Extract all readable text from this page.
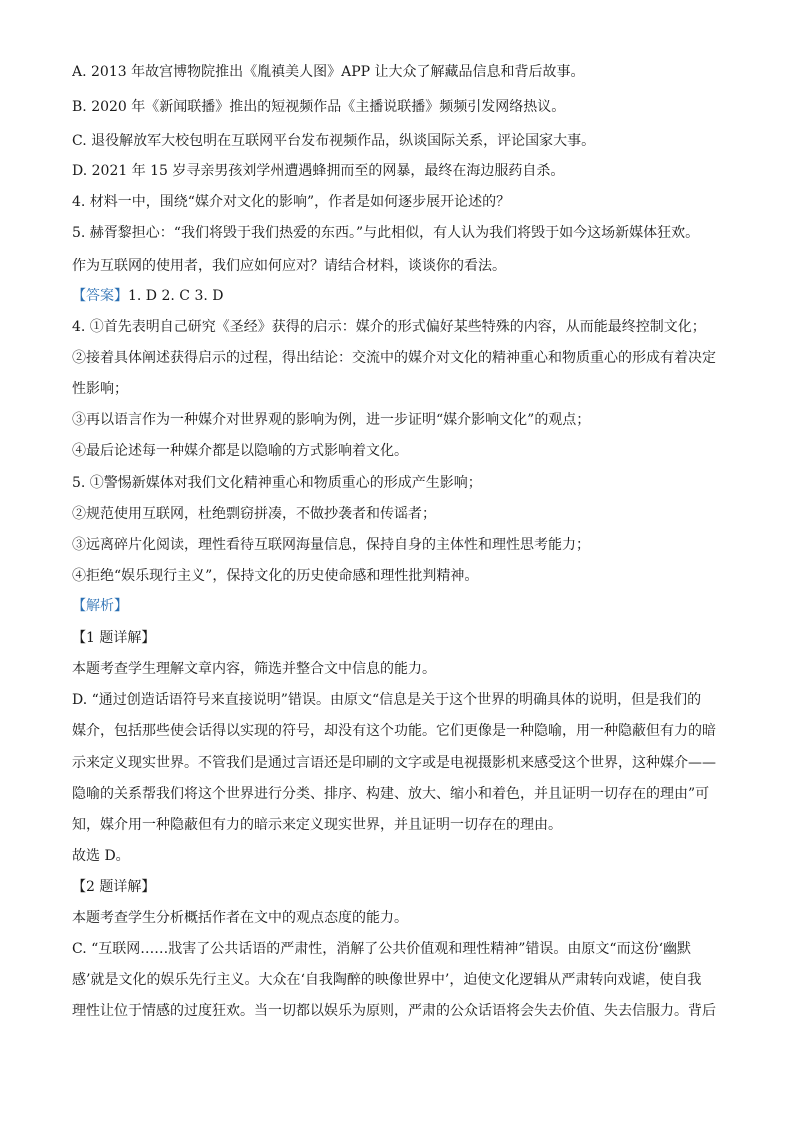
A. 2013 年故宫博物院推出《胤禛美人图》APP 让大众了解藏品信息和背后故事。
B. 2020 年《新闻联播》推出的短视频作品《主播说联播》频频引发网络热议。
C. 退役解放军大校包明在互联网平台发布视频作品，纵谈国际关系，评论国家大事。
D. 2021 年 15 岁寻亲男孩刘学州遭遇蜂拥而至的网暴，最终在海边服药自杀。
4. 材料一中，围绕“媒介对文化的影响”，作者是如何逐步展开论述的？
5. 赫胥黎担心：“我们将毁于我们热爱的东西。”与此相似，有人认为我们将毁于如今这场新媒体狂欢。
作为互联网的使用者，我们应如何应对？请结合材料，谈谈你的看法。
【答案】1. D 2. C 3. D
4. ①首先表明自己研究《圣经》获得的启示：媒介的形式偏好某些特殊的内容，从而能最终控制文化；
②接着具体阐述获得启示的过程，得出结论：交流中的媒介对文化的精神重心和物质重心的形成有着决定
性影响；
③再以语言作为一种媒介对世界观的影响为例，进一步证明“媒介影响文化”的观点；
④最后论述每一种媒介都是以隐喻的方式影响着文化。
5. ①警惕新媒体对我们文化精神重心和物质重心的形成产生影响；
②规范使用互联网，杜绝剽窃拼凑，不做抄袭者和传谣者；
③远离碎片化阅读，理性看待互联网海量信息，保持自身的主体性和理性思考能力；
④拒绝“娱乐现行主义”，保持文化的历史使命感和理性批判精神。
【解析】
【1 题详解】
本题考查学生理解文章内容，筛选并整合文中信息的能力。
D. “通过创造话语符号来直接说明”错误。由原文“信息是关于这个世界的明确具体的说明，但是我们的
媒介，包括那些使会话得以实现的符号，却没有这个功能。它们更像是一种隐喻，用一种隐蔽但有力的暗
示来定义现实世界。不管我们是通过言语还是印刷的文字或是电视摄影机来感受这个世界，这种媒介——
隐喻的关系帮我们将这个世界进行分类、排序、构建、放大、缩小和着色，并且证明一切存在的理由”可
知，媒介用一种隐蔽但有力的暗示来定义现实世界，并且证明一切存在的理由。
故选 D。
【2 题详解】
本题考查学生分析概括作者在文中的观点态度的能力。
C. “互联网……戕害了公共话语的严肃性，消解了公共价值观和理性精神”错误。由原文“而这份‘幽默
感’就是文化的娱乐先行主义。大众在‘自我陶醉的映像世界中’，迫使文化逻辑从严肃转向戏谑，使自我
理性让位于情感的过度狂欢。当一切都以娱乐为原则，严肃的公众话语将会失去价值、失去信服力。背后
